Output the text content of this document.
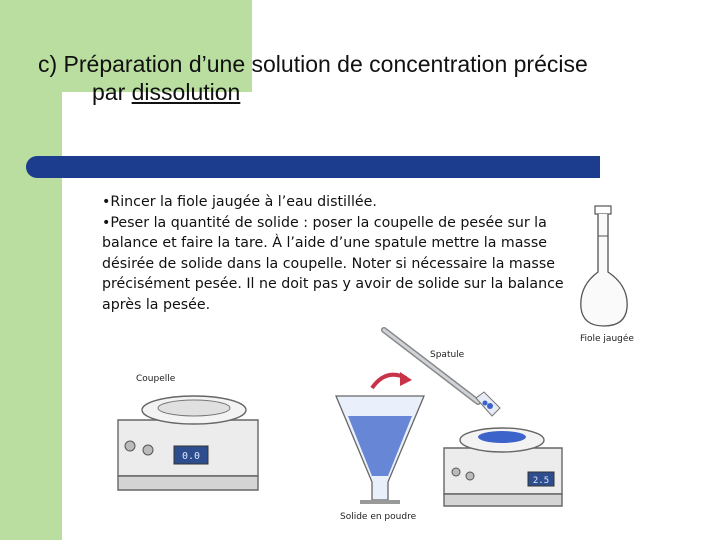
c) Préparation d’une solution de concentration précise
par dissolution

•Rincer la fiole jaugée à l’eau distillée.

•Peser la quantité de solide : poser la coupelle de pesée sur la balance et faire la tare. À l’aide d’une spatule mettre la masse désirée de solide dans la coupelle. Noter si nécessaire la masse précisément pesée. Il ne doit pas y avoir de solide sur la balance après la pesée.

Fiole jaugée
Spatule
Coupelle
0.0
Solide en poudre
2.5
